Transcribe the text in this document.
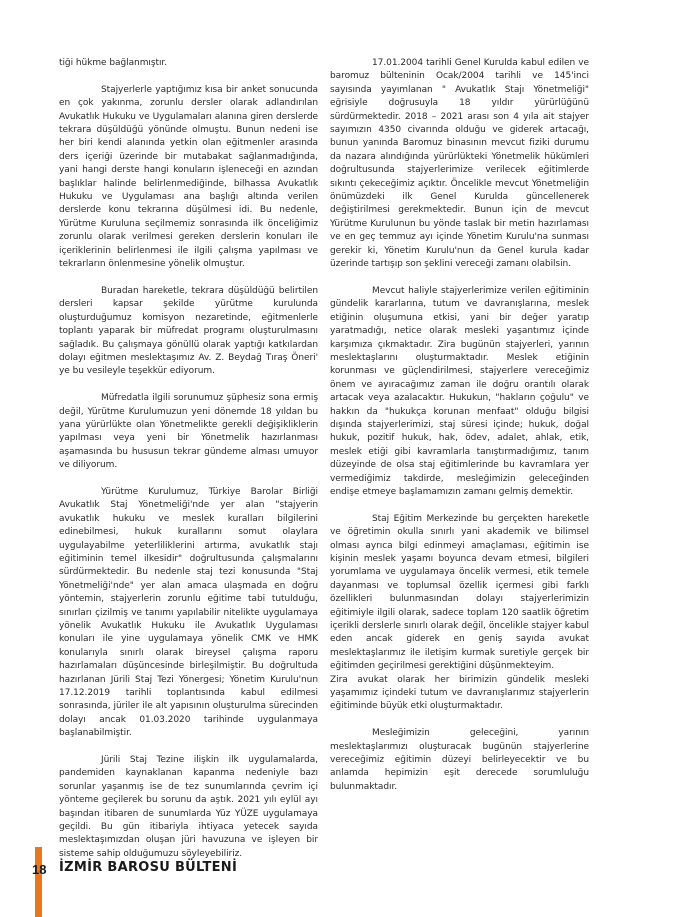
tiği hükme bağlanmıştır.

Stajyerlerle yaptığımız kısa bir anket sonucunda en çok yakınma, zorunlu dersler olarak adlandırılan Avukatlık Hukuku ve Uygulamaları alanına giren derslerde tekrara düşüldüğü yönünde olmuştu. Bunun nedeni ise her biri kendi alanında yetkin olan eğitmenler arasında ders içeriği üzerinde bir mutabakat sağlanmadığında, yani hangi derste hangi konuların işleneceği en azından başlıklar halinde belirlenmediğinde, bilhassa Avukatlık Hukuku ve Uygulaması ana başlığı altında verilen derslerde konu tekrarına düşülmesi idi. Bu nedenle, Yürütme Kuruluna seçilmemiz sonrasında ilk önceliğimiz zorunlu olarak verilmesi gereken derslerin konuları ile içeriklerinin belirlenmesi ile ilgili çalışma yapılması ve tekrarların önlenmesine yönelik olmuştur.

Buradan hareketle, tekrara düşüldüğü belirtilen dersleri kapsar şekilde yürütme kurulunda oluşturduğumuz komisyon nezaretinde, eğitmenlerle toplantı yaparak bir müfredat programı oluşturulmasını sağladık. Bu çalışmaya gönüllü olarak yaptığı katkılardan dolayı eğitmen meslektaşımız Av. Z. Beydağ Tıraş Öneri' ye bu vesileyle teşekkür ediyorum.

Müfredatla ilgili sorunumuz şüphesiz sona ermiş değil, Yürütme Kurulumuzun yeni dönemde 18 yıldan bu yana yürürlükte olan Yönetmelikte gerekli değişikliklerin yapılması veya yeni bir Yönetmelik hazırlanması aşamasında bu hususun tekrar gündeme alması umuyor ve diliyorum.

Yürütme Kurulumuz, Türkiye Barolar Birliği Avukatlık Staj Yönetmeliği'nde yer alan "stajyerin avukatlık hukuku ve meslek kuralları bilgilerini edinebilmesi, hukuk kurallarını somut olaylara uygulayabilme yeterliliklerini artırma, avukatlık stajı eğitiminin temel ilkesidir" doğrultusunda çalışmalarını sürdürmektedir. Bu nedenle staj tezi konusunda "Staj Yönetmeliği'nde" yer alan amaca ulaşmada en doğru yöntemin, stajyerlerin zorunlu eğitime tabi tutulduğu, sınırları çizilmiş ve tanımı yapılabilir nitelikte uygulamaya yönelik Avukatlık Hukuku ile Avukatlık Uygulaması konuları ile yine uygulamaya yönelik CMK ve HMK konularıyla sınırlı olarak bireysel çalışma raporu hazırlamaları düşüncesinde birleşilmiştir. Bu doğrultuda hazırlanan Jürili Staj Tezi Yönergesi; Yönetim Kurulu'nun 17.12.2019 tarihli toplantısında kabul edilmesi sonrasında, jüriler ile alt yapısının oluşturulma sürecinden dolayı ancak 01.03.2020 tarihinde uygulanmaya başlanabilmiştir.

Jürili Staj Tezine ilişkin ilk uygulamalarda, pandemiden kaynaklanan kapanma nedeniyle bazı sorunlar yaşanmış ise de tez sunumlarında çevrim içi yönteme geçilerek bu sorunu da aştık. 2021 yılı eylül ayı başından itibaren de sunumlarda Yüz YÜZE uygulamaya geçildi. Bu gün itibariyla ihtiyaca yetecek sayıda meslektaşımızdan oluşan jüri havuzuna ve işleyen bir sisteme sahip olduğumuzu söyleyebiliriz.

17.01.2004 tarihli Genel Kurulda kabul edilen ve baromuz bülteninin Ocak/2004 tarihli ve 145'inci sayısında yayımlanan " Avukatlık Stajı Yönetmeliği" eğrisiyle doğrusuyla 18 yıldır yürürlüğünü sürdürmektedir. 2018 – 2021 arası son 4 yıla ait stajyer sayımızın 4350 civarında olduğu ve giderek artacağı, bunun yanında Baromuz binasının mevcut fiziki durumu da nazara alındığında yürürlükteki Yönetmelik hükümleri doğrultusunda stajyerlerimize verilecek eğitimlerde sıkıntı çekeceğimiz açıktır. Öncelikle mevcut Yönetmeliğin önümüzdeki ilk Genel Kurulda güncellenerek değiştirilmesi gerekmektedir. Bunun için de mevcut Yürütme Kurulunun bu yönde taslak bir metin hazırlaması ve en geç temmuz ayı içinde Yönetim Kurulu'na sunması gerekir ki, Yönetim Kurulu'nun da Genel kurula kadar üzerinde tartışıp son şeklini vereceği zamanı olabilsin.

Mevcut haliyle stajyerlerimize verilen eğitiminin gündelik kararlarına, tutum ve davranışlarına, meslek etiğinin oluşumuna etkisi, yani bir değer yaratıp yaratmadığı, netice olarak mesleki yaşantımız içinde karşımıza çıkmaktadır. Zira bugünün stajyerleri, yarının meslektaşlarını oluşturmaktadır. Meslek etiğinin korunması ve güçlendirilmesi, stajyerlere vereceğimiz önem ve ayıracağımız zaman ile doğru orantılı olarak artacak veya azalacaktır. Hukukun, "hakların çoğulu" ve hakkın da "hukukça korunan menfaat" olduğu bilgisi dışında stajyerlerimizi, staj süresi içinde; hukuk, doğal hukuk, pozitif hukuk, hak, ödev, adalet, ahlak, etik, meslek etiği gibi kavramlarla tanıştırmadığımız, tanım düzeyinde de olsa staj eğitimlerinde bu kavramlara yer vermediğimiz takdirde, mesleğimizin geleceğinden endişe etmeye başlamamızın zamanı gelmiş demektir.

Staj Eğitim Merkezinde bu gerçekten hareketle ve öğretimin okulla sınırlı yani akademik ve bilimsel olması ayrıca bilgi edinmeyi amaçlaması, eğitimin ise kişinin meslek yaşamı boyunca devam etmesi, bilgileri yorumlama ve uygulamaya öncelik vermesi, etik temele dayanması ve toplumsal özellik içermesi gibi farklı özellikleri bulunmasından dolayı stajyerlerimizin eğitimiyle ilgili olarak, sadece toplam 120 saatlik öğretim içerikli derslerle sınırlı olarak değil, öncelikle stajyer kabul eden ancak giderek en geniş sayıda avukat meslektaşlarımız ile iletişim kurmak suretiyle gerçek bir eğitimden geçirilmesi gerektiğini düşünmekteyim.

Zira avukat olarak her birimizin gündelik mesleki yaşamımız içindeki tutum ve davranışlarımız stajyerlerin eğitiminde büyük etki oluşturmaktadır.

Mesleğimizin geleceğini, yarının meslektaşlarımızı oluşturacak bugünün stajyerlerine vereceğimiz eğitimin düzeyi belirleyecektir ve bu anlamda hepimizin eşit derecede sorumluluğu bulunmaktadır.

18 İZMİR BAROSU BÜLTENİ
